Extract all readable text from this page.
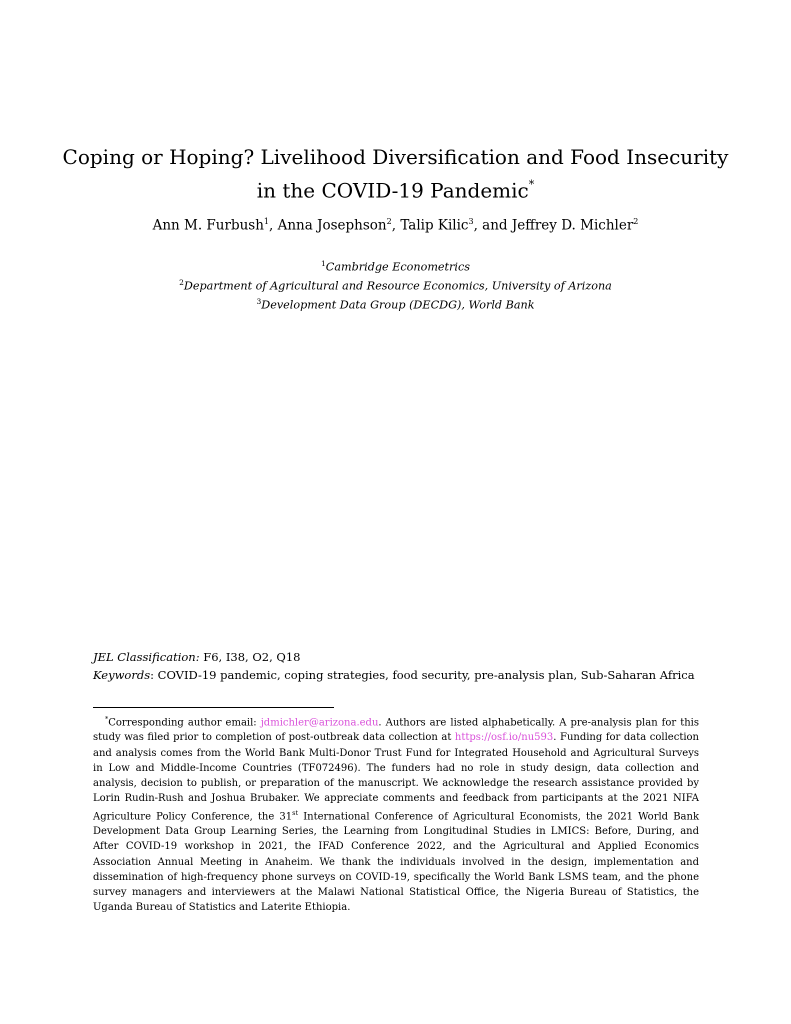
Coping or Hoping? Livelihood Diversification and Food Insecurity
in the COVID-19 Pandemic*
Ann M. Furbush$^1$, Anna Josephson$^2$, Talip Kilic$^3$, and Jeffrey D. Michler$^2$
$^1$Cambridge Econometrics
$^2$Department of Agricultural and Resource Economics, University of Arizona
$^3$Development Data Group (DECDG), World Bank
JEL Classification: F6, I38, O2, Q18
Keywords: COVID-19 pandemic, coping strategies, food security, pre-analysis plan, Sub-Saharan Africa
*Corresponding author email: jdmichler@arizona.edu. Authors are listed alphabetically. A pre-analysis plan for this study was filed prior to completion of post-outbreak data collection at https://osf.io/nu593. Funding for data collection and analysis comes from the World Bank Multi-Donor Trust Fund for Integrated Household and Agricultural Surveys in Low and Middle-Income Countries (TF072496). The funders had no role in study design, data collection and analysis, decision to publish, or preparation of the manuscript. We acknowledge the research assistance provided by Lorin Rudin-Rush and Joshua Brubaker. We appreciate comments and feedback from participants at the 2021 NIFA Agriculture Policy Conference, the 31st International Conference of Agricultural Economists, the 2021 World Bank Development Data Group Learning Series, the Learning from Longitudinal Studies in LMICS: Before, During, and After COVID-19 workshop in 2021, the IFAD Conference 2022, and the Agricultural and Applied Economics Association Annual Meeting in Anaheim. We thank the individuals involved in the design, implementation and dissemination of high-frequency phone surveys on COVID-19, specifically the World Bank LSMS team, and the phone survey managers and interviewers at the Malawi National Statistical Office, the Nigeria Bureau of Statistics, the Uganda Bureau of Statistics and Laterite Ethiopia.
